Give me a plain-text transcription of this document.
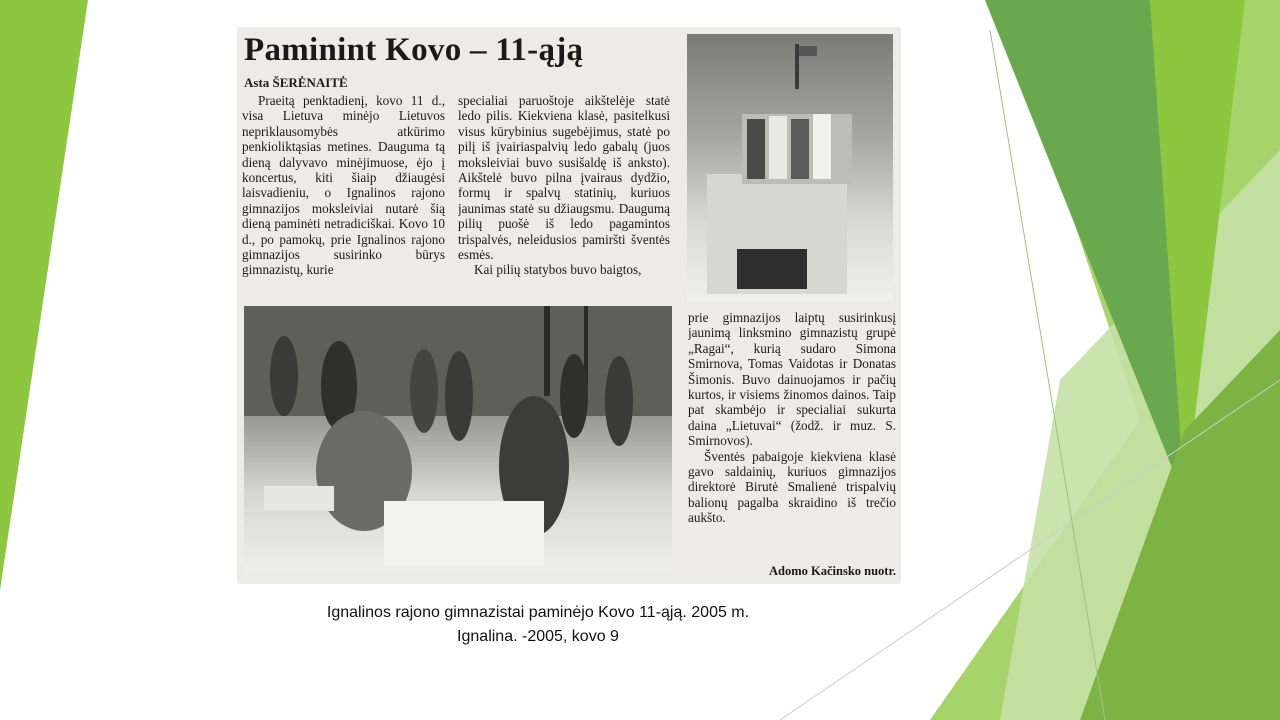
Paminint Kovo – 11-ąją
Asta ŠERĖNAITĖ

Praeitą penktadienį, kovo 11 d., visa Lietuva minėjo Lietuvos nepriklausomybės atkūrimo penkioliktąsias metines. Dauguma tą dieną dalyvavo minėjimuose, ėjo į koncertus, kiti šiaip džiaugėsi laisvadieniu, o Ignalinos rajono gimnazijos moksleiviai nutarė šią dieną paminėti netradiciškai. Kovo 10 d., po pamokų, prie Ignalinos rajono gimnazijos susirinko būrys gimnazistų, kurie

specialiai paruoštoje aikštelėje statė ledo pilis. Kiekviena klasė, pasitelkusi visus kūrybinius sugebėjimus, statė po pilį iš įvairiaspalvių ledo gabalų (juos moksleiviai buvo susišaldę iš anksto). Aikštelė buvo pilna įvairaus dydžio, formų ir spalvų statinių, kuriuos jaunimas statė su džiaugsmu. Daugumą pilių puošė iš ledo pagamintos trispalvės, neleidusios pamiršti šventės esmės.

Kai pilių statybos buvo baigtos,

prie gimnazijos laiptų susirinkusį jaunimą linksmino gimnazistų grupė „Ragai“, kurią sudaro Simona Smirnova, Tomas Vaidotas ir Donatas Šimonis. Buvo dainuojamos ir pačių kurtos, ir visiems žinomos dainos. Taip pat skambėjo ir specialiai sukurta daina „Lietuvai“ (žodž. ir muz. S. Smirnovos).

Šventės pabaigoje kiekviena klasė gavo saldainių, kuriuos gimnazijos direktorė Birutė Smalienė trispalvių balionų pagalba skraidino iš trečio aukšto.

Adomo Kačinsko nuotr.
Ignalinos rajono gimnazistai paminėjo Kovo 11-ąją. 2005 m.
Ignalina. -2005, kovo 9
